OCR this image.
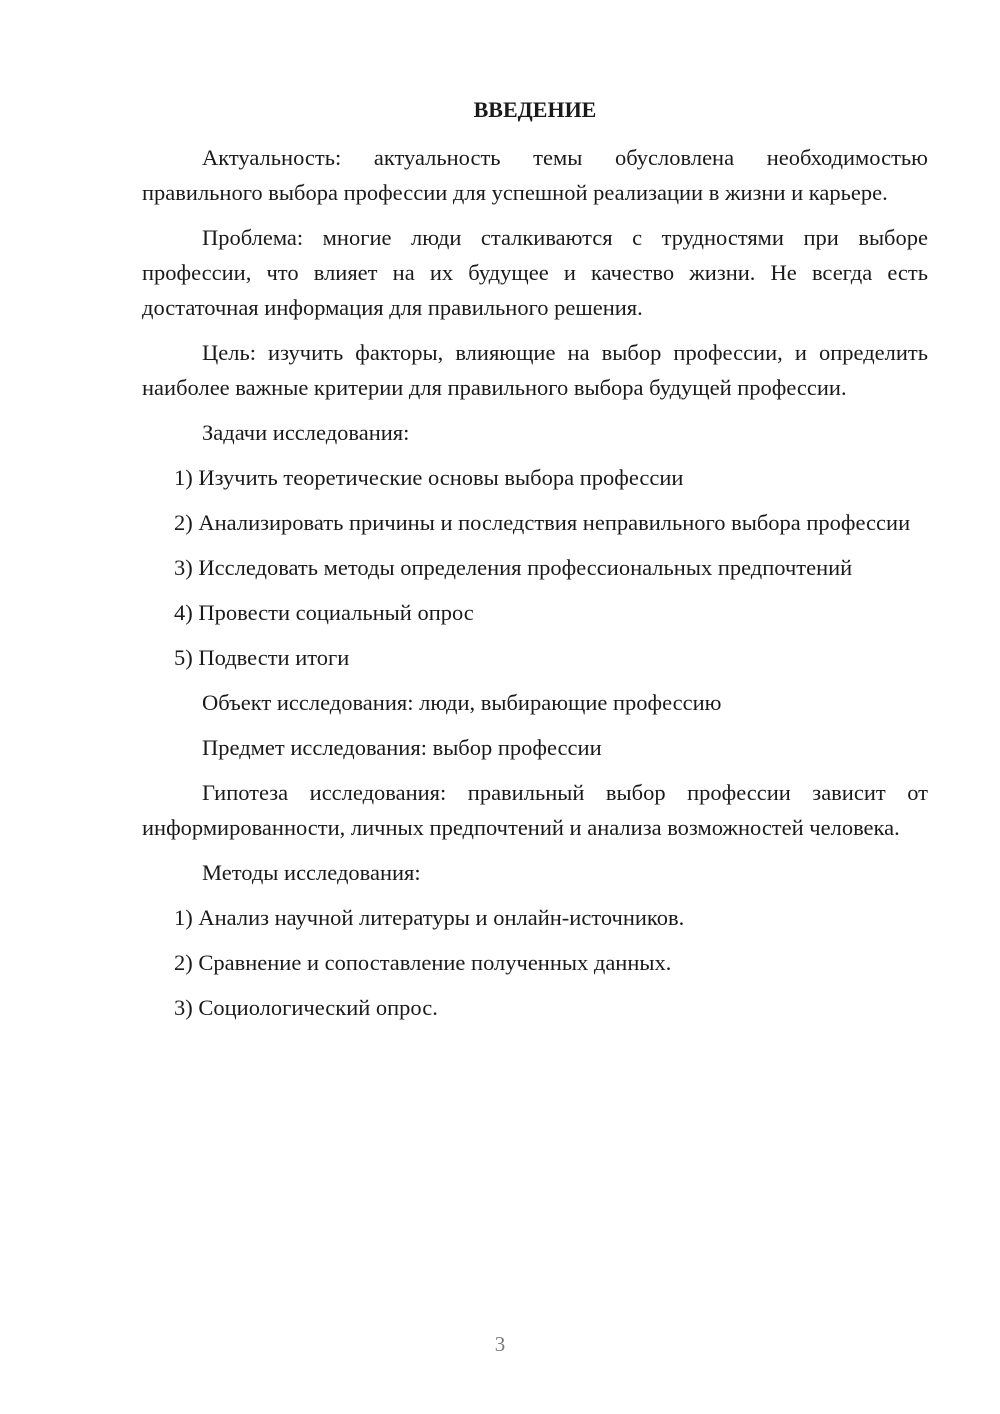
ВВЕДЕНИЕ

Актуальность: актуальность темы обусловлена необходимостью правильного выбора профессии для успешной реализации в жизни и карьере.

Проблема: многие люди сталкиваются с трудностями при выборе профессии, что влияет на их будущее и качество жизни. Не всегда есть достаточная информация для правильного решения.

Цель: изучить факторы, влияющие на выбор профессии, и определить наиболее важные критерии для правильного выбора будущей профессии.

Задачи исследования:

1) Изучить теоретические основы выбора профессии

2) Анализировать причины и последствия неправильного выбора профессии

3) Исследовать методы определения профессиональных предпочтений

4) Провести социальный опрос

5) Подвести итоги

Объект исследования: люди, выбирающие профессию

Предмет исследования: выбор профессии

Гипотеза исследования: правильный выбор профессии зависит от информированности, личных предпочтений и анализа возможностей человека.

Методы исследования:

1) Анализ научной литературы и онлайн-источников.

2) Сравнение и сопоставление полученных данных.

3) Социологический опрос.

3
